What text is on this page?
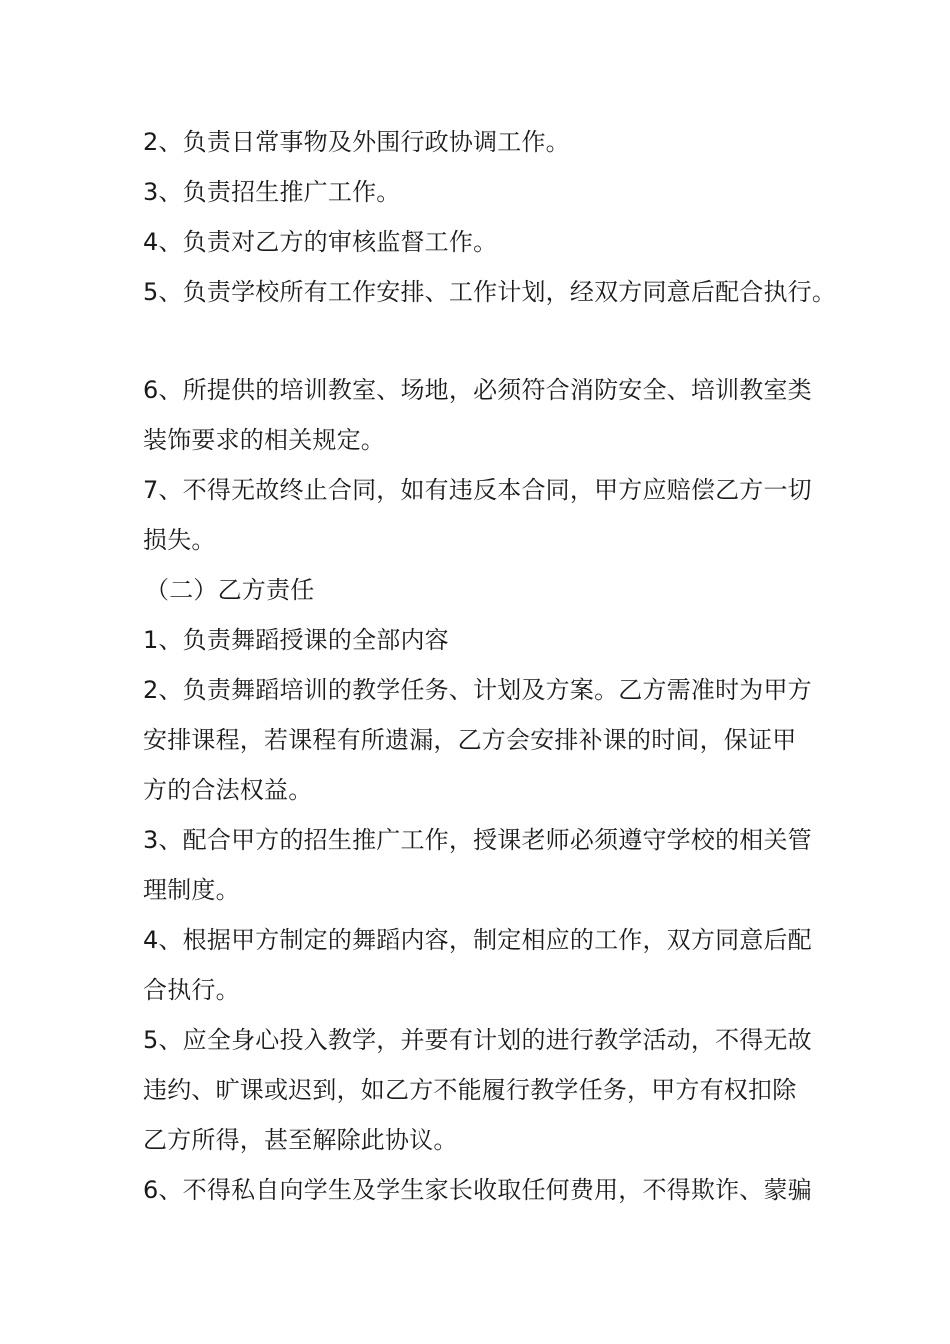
2、负责日常事物及外围行政协调工作。
3、负责招生推广工作。
4、负责对乙方的审核监督工作。
5、负责学校所有工作安排、工作计划，经双方同意后配合执行。
6、所提供的培训教室、场地，必须符合消防安全、培训教室类
装饰要求的相关规定。
7、不得无故终止合同，如有违反本合同，甲方应赔偿乙方一切
损失。
（二）乙方责任
1、负责舞蹈授课的全部内容
2、负责舞蹈培训的教学任务、计划及方案。乙方需准时为甲方
安排课程，若课程有所遗漏，乙方会安排补课的时间，保证甲
方的合法权益。
3、配合甲方的招生推广工作，授课老师必须遵守学校的相关管
理制度。
4、根据甲方制定的舞蹈内容，制定相应的工作，双方同意后配
合执行。
5、应全身心投入教学，并要有计划的进行教学活动，不得无故
违约、旷课或迟到，如乙方不能履行教学任务，甲方有权扣除
乙方所得，甚至解除此协议。
6、不得私自向学生及学生家长收取任何费用，不得欺诈、蒙骗
